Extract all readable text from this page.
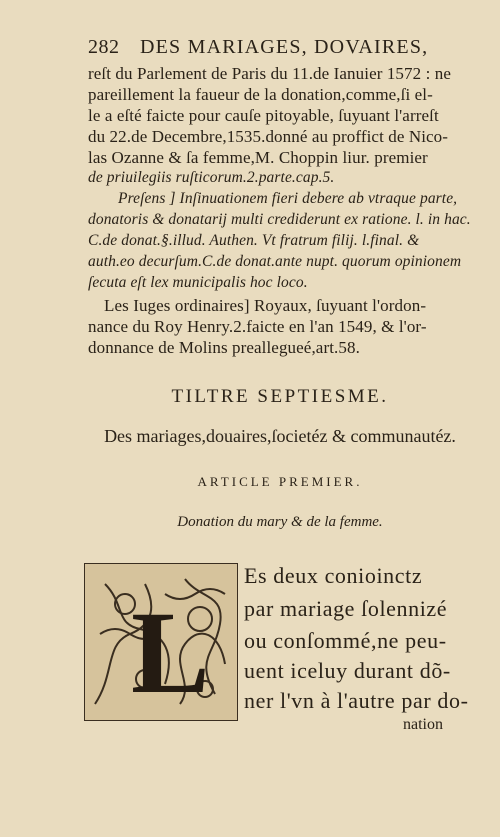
282 DES MARIAGES, DOVAIRES,
reſt du Parlement de Paris du 11.de Ianuier 1572 : ne
pareillement la faueur de la donation,comme,ſi el-
le a eſté faicte pour cauſe pitoyable, ſuyuant l'arreſt
du 22.de Decembre,1535.donné au proffict de Nico-
las Ozanne & ſa femme,M. Choppin liur. premier
de priuilegiis ruſticorum.2.parte.cap.5.
Preſens ] Inſinuationem fieri debere ab vtraque parte,
donatoris & donatarij multi crediderunt ex ratione. l. in hac.
C.de donat.§.illud. Authen. Vt fratrum filij. l.final. &
auth.eo decurſum.C.de donat.ante nupt. quorum opinionem
ſecuta eſt lex municipalis hoc loco.
Les Iuges ordinaires] Royaux, ſuyuant l'ordon-
nance du Roy Henry.2.faicte en l'an 1549, & l'or-
donnance de Molins preallegueé,art.58.
TILTRE SEPTIESME.
Des mariages,douaires,ſocietéz & communautéz.
ARTICLE PREMIER.
Donation du mary & de la femme.
L
Es deux conioinctz
par mariage ſolennizé
ou conſommé,ne peu-
uent iceluy durant dõ-
ner l'vn à l'autre par do-
nation
